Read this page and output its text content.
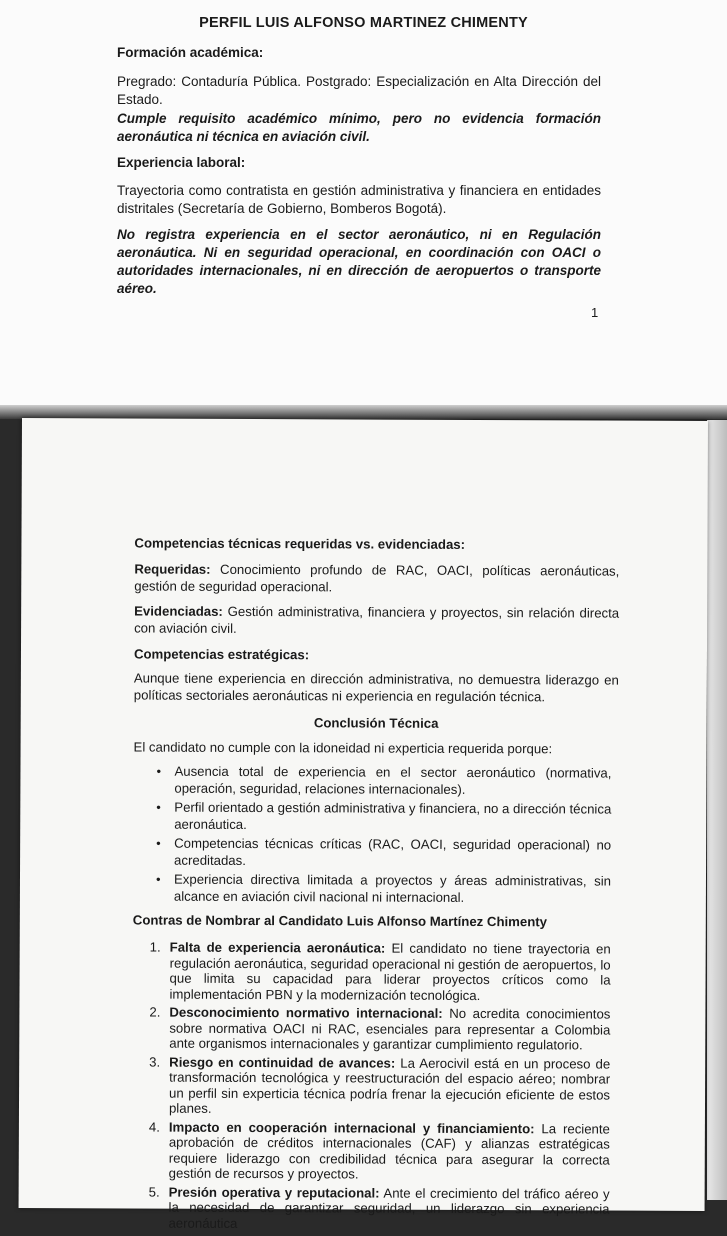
PERFIL LUIS ALFONSO MARTINEZ CHIMENTY

Formación académica:

Pregrado: Contaduría Pública. Postgrado: Especialización en Alta Dirección del Estado.

Cumple requisito académico mínimo, pero no evidencia formación aeronáutica ni técnica en aviación civil.

Experiencia laboral:

Trayectoria como contratista en gestión administrativa y financiera en entidades distritales (Secretaría de Gobierno, Bomberos Bogotá).

No registra experiencia en el sector aeronáutico, ni en Regulación aeronáutica. Ni en seguridad operacional, en coordinación con OACI o autoridades internacionales, ni en dirección de aeropuertos o transporte aéreo.

1

Competencias técnicas requeridas vs. evidenciadas:

Requeridas: Conocimiento profundo de RAC, OACI, políticas aeronáuticas, gestión de seguridad operacional.

Evidenciadas: Gestión administrativa, financiera y proyectos, sin relación directa con aviación civil.

Competencias estratégicas:

Aunque tiene experiencia en dirección administrativa, no demuestra liderazgo en políticas sectoriales aeronáuticas ni experiencia en regulación técnica.

Conclusión Técnica

El candidato no cumple con la idoneidad ni experticia requerida porque:

• Ausencia total de experiencia en el sector aeronáutico (normativa, operación, seguridad, relaciones internacionales).
• Perfil orientado a gestión administrativa y financiera, no a dirección técnica aeronáutica.
• Competencias técnicas críticas (RAC, OACI, seguridad operacional) no acreditadas.
• Experiencia directiva limitada a proyectos y áreas administrativas, sin alcance en aviación civil nacional ni internacional.

Contras de Nombrar al Candidato Luis Alfonso Martínez Chimenty

1. Falta de experiencia aeronáutica: El candidato no tiene trayectoria en regulación aeronáutica, seguridad operacional ni gestión de aeropuertos, lo que limita su capacidad para liderar proyectos críticos como la implementación PBN y la modernización tecnológica.
2. Desconocimiento normativo internacional: No acredita conocimientos sobre normativa OACI ni RAC, esenciales para representar a Colombia ante organismos internacionales y garantizar cumplimiento regulatorio.
3. Riesgo en continuidad de avances: La Aerocivil está en un proceso de transformación tecnológica y reestructuración del espacio aéreo; nombrar un perfil sin experticia técnica podría frenar la ejecución eficiente de estos planes.
4. Impacto en cooperación internacional y financiamiento: La reciente aprobación de créditos internacionales (CAF) y alianzas estratégicas requiere liderazgo con credibilidad técnica para asegurar la correcta gestión de recursos y proyectos.
5. Presión operativa y reputacional: Ante el crecimiento del tráfico aéreo y la necesidad de garantizar seguridad, un liderazgo sin experiencia aeronáutica
